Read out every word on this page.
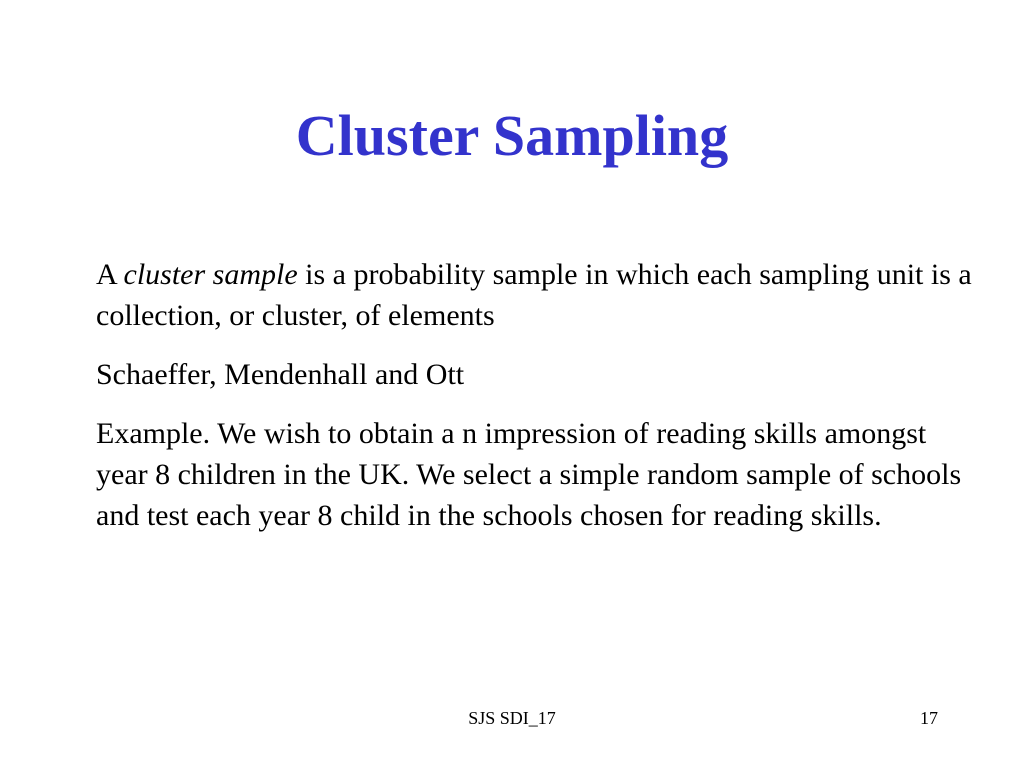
Cluster Sampling

A cluster sample is a probability sample in which each sampling unit is a collection, or cluster, of elements

Schaeffer, Mendenhall and Ott

Example. We wish to obtain a n impression of reading skills amongst year 8 children in the UK. We select a simple random sample of schools and test each year 8 child in the schools chosen for reading skills.

SJS SDI_17	17
